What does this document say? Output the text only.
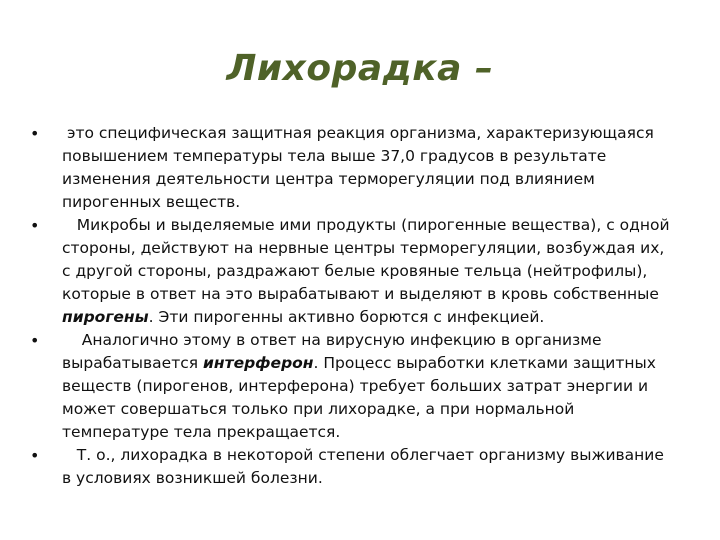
Лихорадка –
• это специфическая защитная реакция организма, характеризующаяся повышением температуры тела выше 37,0 градусов в результате изменения деятельности центра терморегуляции под влиянием пирогенных веществ.
• Микробы и выделяемые ими продукты (пирогенные вещества), с одной стороны, действуют на нервные центры терморегуляции, возбуждая их, с другой стороны, раздражают белые кровяные тельца (нейтрофилы), которые в ответ на это вырабатывают и выделяют в кровь собственные пирогены. Эти пирогенны активно борются с инфекцией.
• Аналогично этому в ответ на вирусную инфекцию в организме вырабатывается интерферон. Процесс выработки клетками защитных веществ (пирогенов, интерферона) требует больших затрат энергии и может совершаться только при лихорадке, а при нормальной температуре тела прекращается.
• Т. о., лихорадка в некоторой степени облегчает организму выживание в условиях возникшей болезни.
